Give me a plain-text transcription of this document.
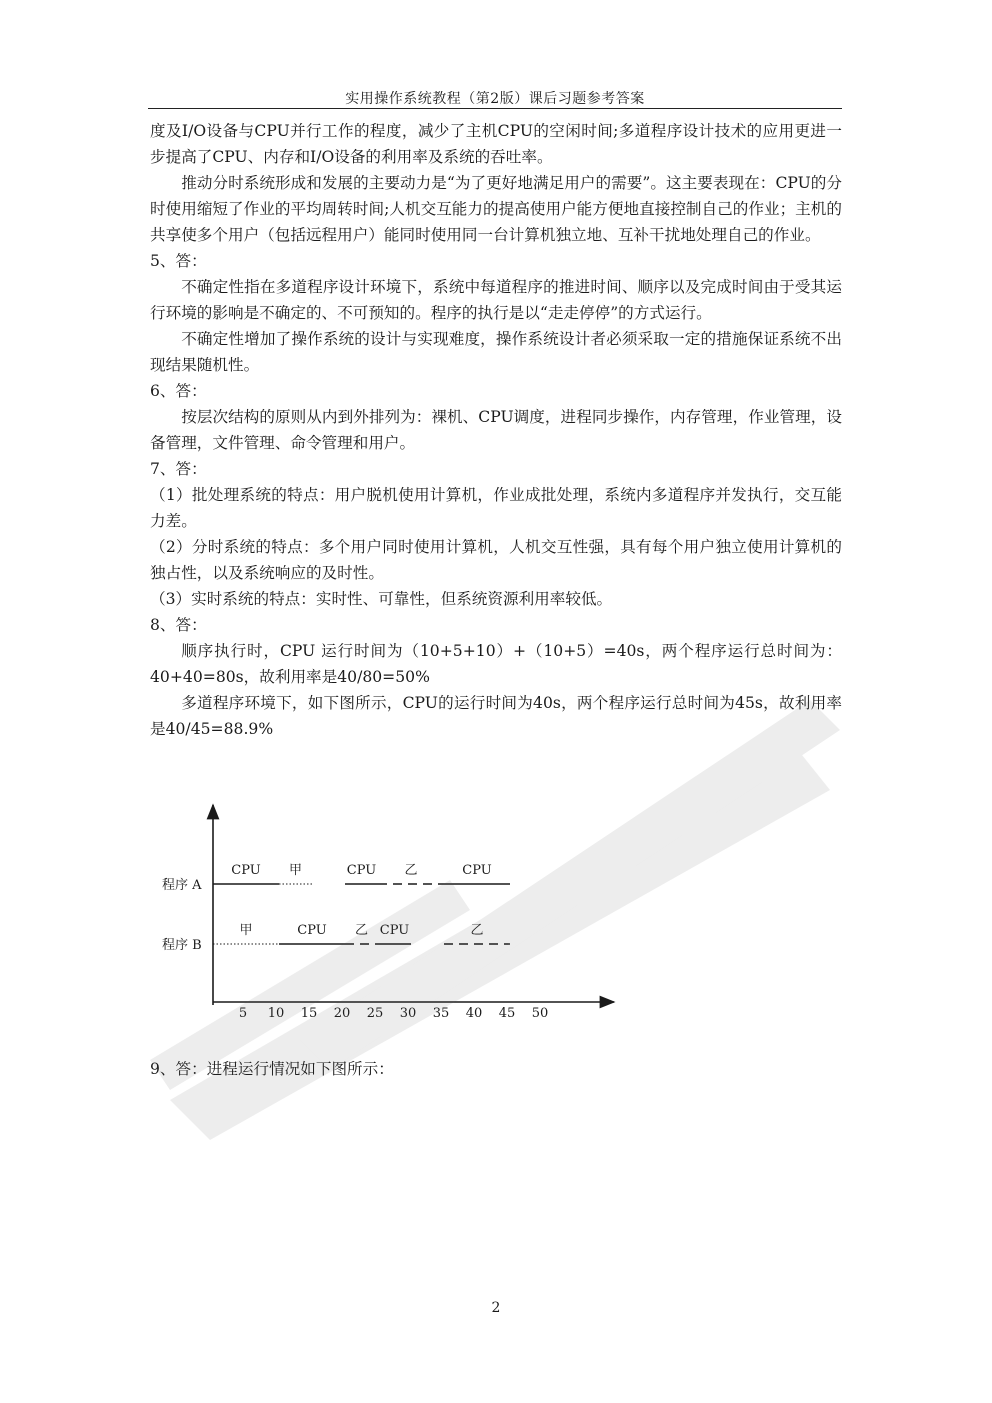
实用操作系统教程（第2版）课后习题参考答案

度及I/O设备与CPU并行工作的程度，减少了主机CPU的空闲时间;多道程序设计技术的应用更进一步提高了CPU、内存和I/O设备的利用率及系统的吞吐率。

推动分时系统形成和发展的主要动力是“为了更好地满足用户的需要”。这主要表现在：CPU的分时使用缩短了作业的平均周转时间;人机交互能力的提高使用户能方便地直接控制自己的作业；主机的共享使多个用户（包括远程用户）能同时使用同一台计算机独立地、互补干扰地处理自己的作业。

5、答：

不确定性指在多道程序设计环境下，系统中每道程序的推进时间、顺序以及完成时间由于受其运行环境的影响是不确定的、不可预知的。程序的执行是以“走走停停”的方式运行。

不确定性增加了操作系统的设计与实现难度，操作系统设计者必须采取一定的措施保证系统不出现结果随机性。

6、答：

按层次结构的原则从内到外排列为：裸机、CPU调度，进程同步操作，内存管理，作业管理，设备管理，文件管理、命令管理和用户。

7、答：

（1）批处理系统的特点：用户脱机使用计算机，作业成批处理，系统内多道程序并发执行，交互能力差。

（2）分时系统的特点：多个用户同时使用计算机，人机交互性强，具有每个用户独立使用计算机的独占性，以及系统响应的及时性。

（3）实时系统的特点：实时性、可靠性，但系统资源利用率较低。

8、答：

顺序执行时，CPU 运行时间为（10+5+10）+（10+5）=40s，两个程序运行总时间为：40+40=80s，故利用率是40/80=50%

多道程序环境下，如下图所示，CPU的运行时间为40s，两个程序运行总时间为45s，故利用率是40/45=88.9%

程序 A
CPU 甲	CPU 乙	CPU
程序 B
甲	CPU 乙 CPU	乙
5 10 15 20 25 30 35 40 45 50
9、答：进程运行情况如下图所示：
2
